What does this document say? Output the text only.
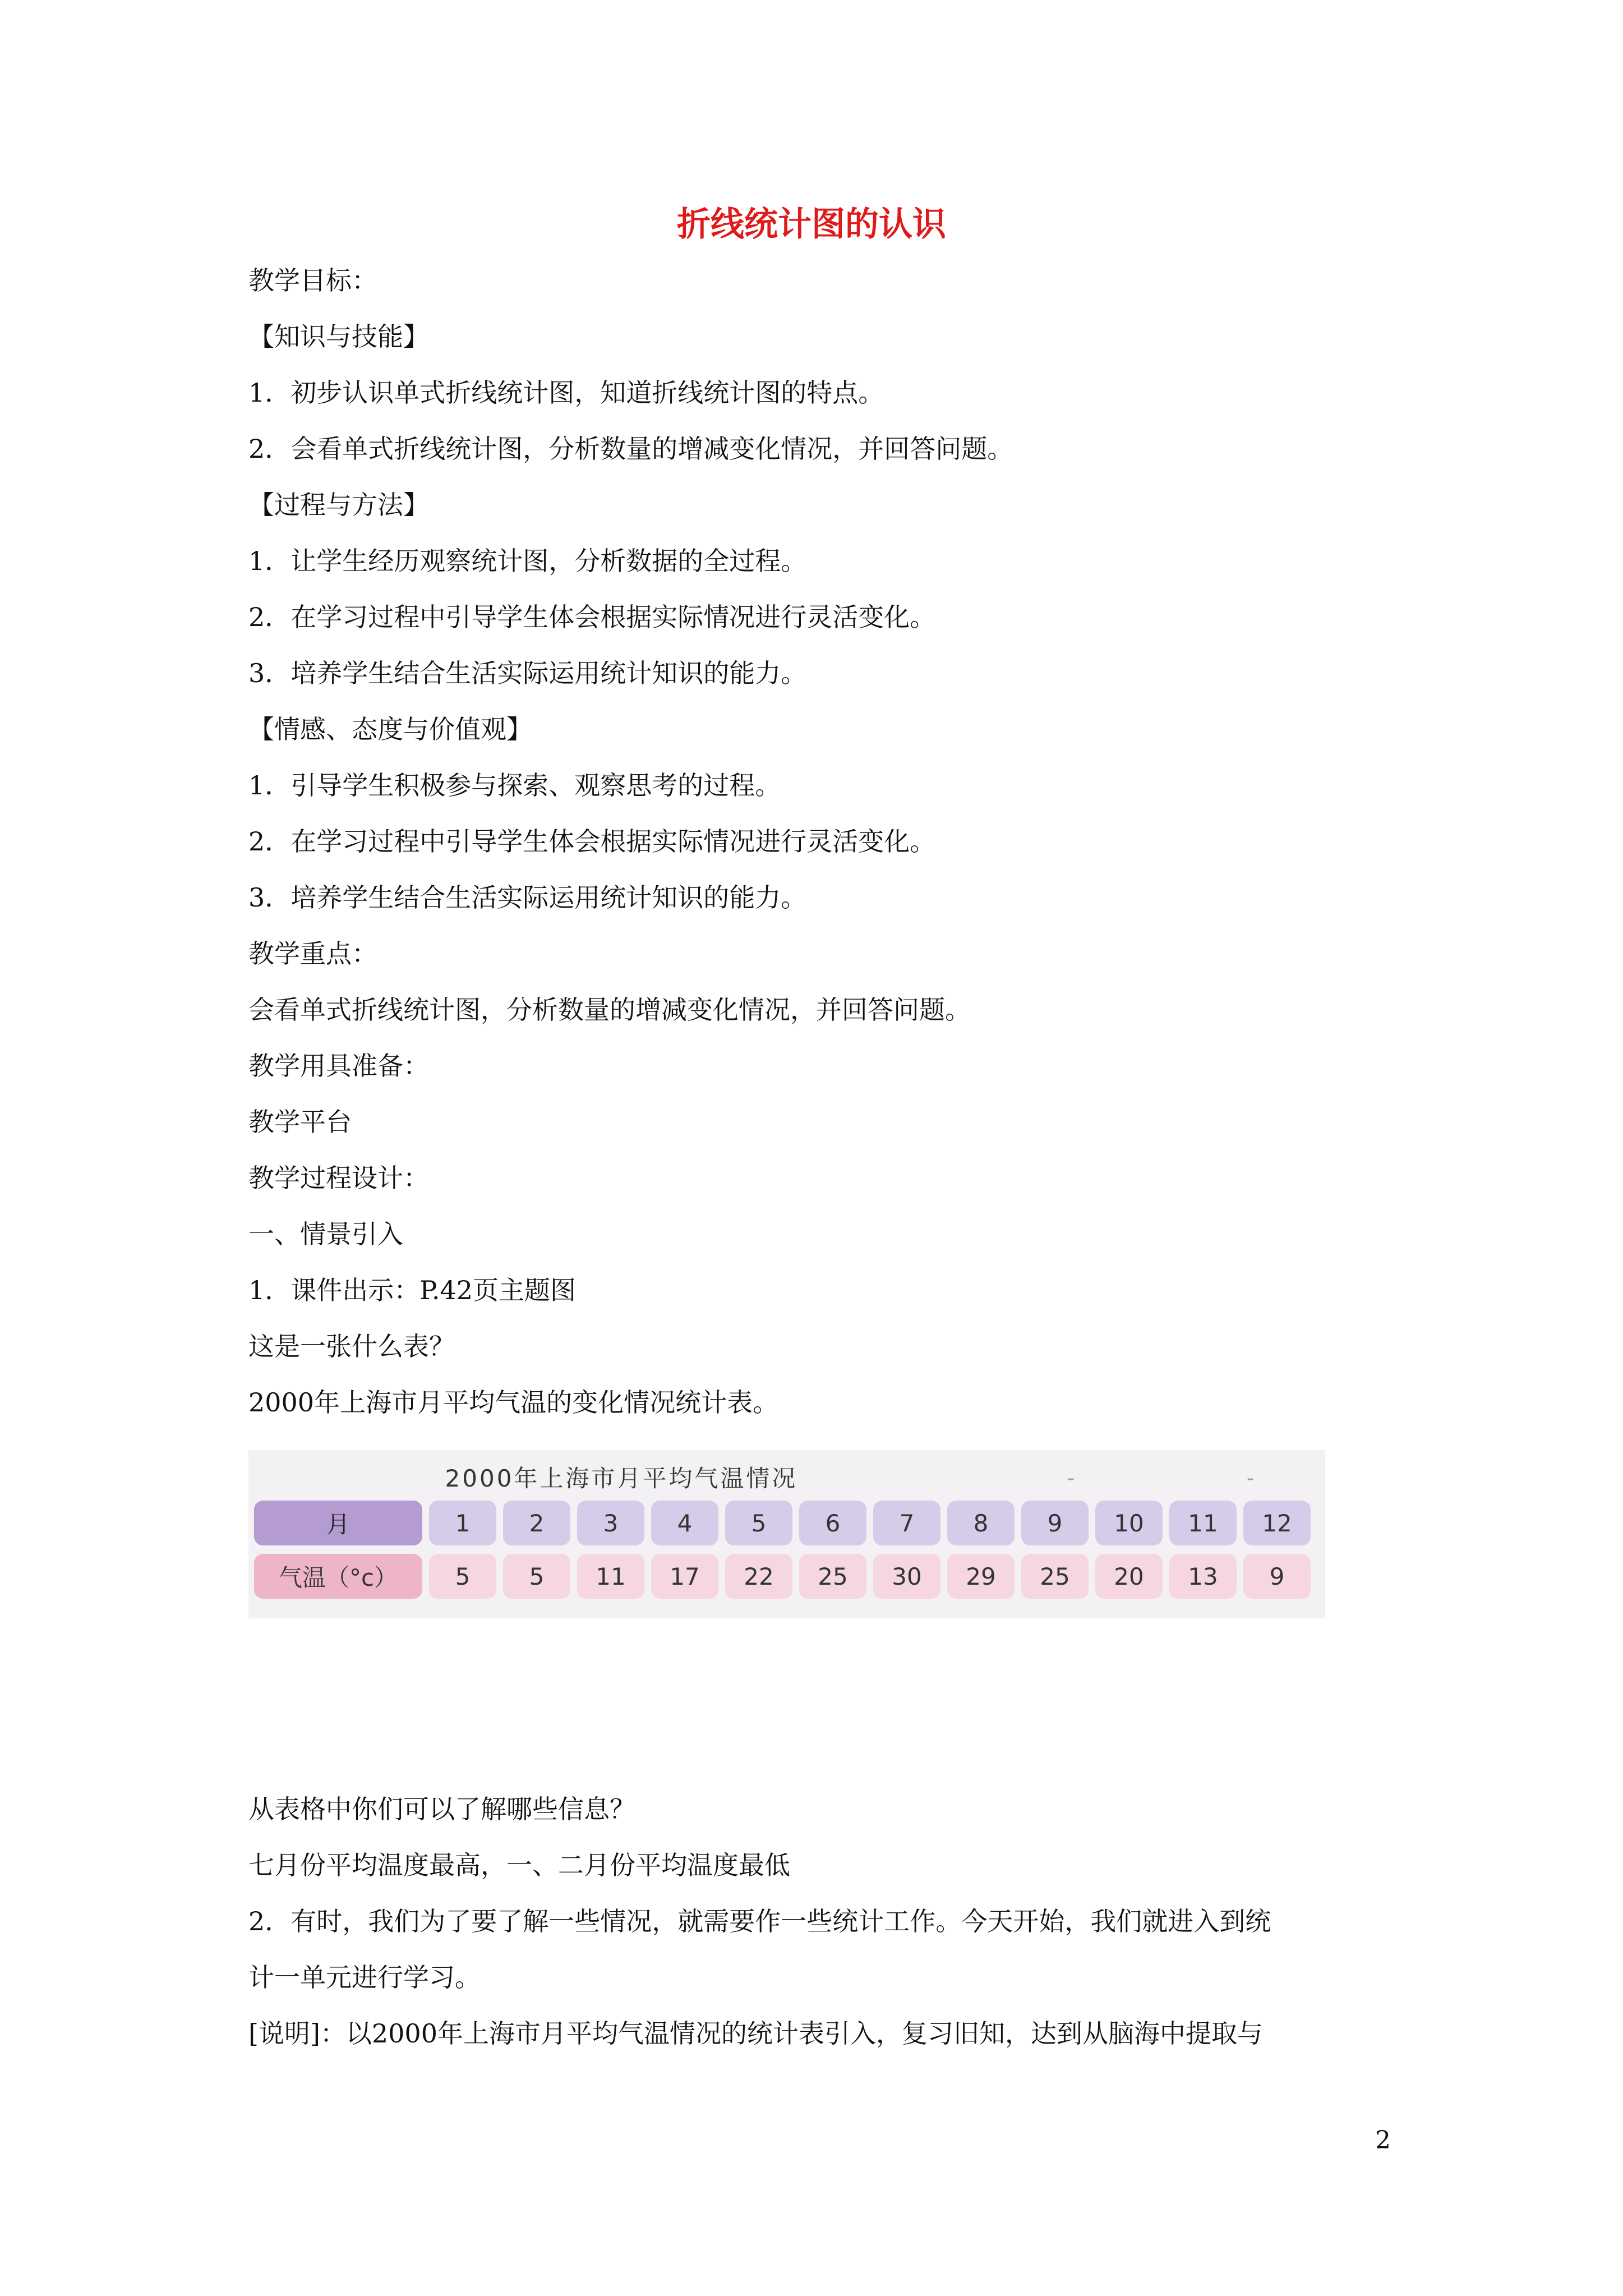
折线统计图的认识
教学目标：
【知识与技能】
1．初步认识单式折线统计图，知道折线统计图的特点。
2．会看单式折线统计图，分析数量的增减变化情况，并回答问题。
【过程与方法】
1．让学生经历观察统计图，分析数据的全过程。
2．在学习过程中引导学生体会根据实际情况进行灵活变化。
3．培养学生结合生活实际运用统计知识的能力。
【情感、态度与价值观】
1．引导学生积极参与探索、观察思考的过程。
2．在学习过程中引导学生体会根据实际情况进行灵活变化。
3．培养学生结合生活实际运用统计知识的能力。
教学重点：
会看单式折线统计图，分析数量的增减变化情况，并回答问题。
教学用具准备：
教学平台
教学过程设计：
一、情景引入
1．课件出示：P.42页主题图
这是一张什么表？
2000年上海市月平均气温的变化情况统计表。
2000年上海市月平均气温情况	-	-
月	1	2	3	4	5	6	7	8	9	10	11	12
气温（°c）	5	5	11	17	22	25	30	29	25	20	13	9
从表格中你们可以了解哪些信息？
七月份平均温度最高，一、二月份平均温度最低
2．有时，我们为了要了解一些情况，就需要作一些统计工作。今天开始，我们就进入到统
计一单元进行学习。
[说明]：以2000年上海市月平均气温情况的统计表引入，复习旧知，达到从脑海中提取与
2
